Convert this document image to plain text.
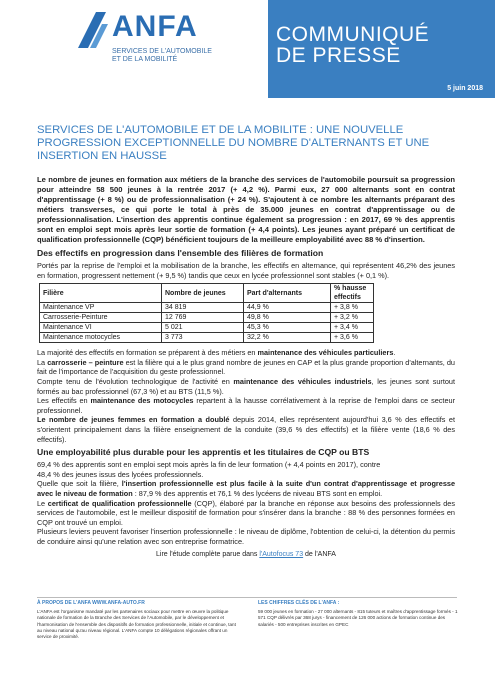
ANFA
SERVICES DE L'AUTOMOBILE
ET DE LA MOBILITÉ
COMMUNIQUÉ
DE PRESSE
5 juin 2018
SERVICES DE L'AUTOMOBILE ET DE LA MOBILITE : UNE NOUVELLE PROGRESSION EXCEPTIONNELLE DU NOMBRE D'ALTERNANTS ET UNE INSERTION EN HAUSSE

Le nombre de jeunes en formation aux métiers de la branche des services de l'automobile poursuit sa progression pour atteindre 58 500 jeunes à la rentrée 2017 (+ 4,2 %). Parmi eux, 27 000 alternants sont en contrat d'apprentissage (+ 8 %) ou de professionnalisation (+ 24 %). S'ajoutent à ce nombre les alternants préparant des métiers transverses, ce qui porte le total à près de 35.000 jeunes en contrat d'apprentissage ou de professionnalisation. L'insertion des apprentis continue également sa progression : en 2017, 69 % des apprentis sont en emploi sept mois après leur sortie de formation (+ 4,4 points). Les jeunes ayant préparé un certificat de qualification professionnelle (CQP) bénéficient toujours de la meilleure employabilité avec 88 % d'insertion.

Des effectifs en progression dans l'ensemble des filières de formation

Portés par la reprise de l'emploi et la mobilisation de la branche, les effectifs en alternance, qui représentent 46,2% des jeunes en formation, progressent nettement (+ 9,5 %) tandis que ceux en lycée professionnel sont stables (+ 0,1 %).

Filière	Nombre de jeunes	Part d'alternants	% hausse effectifs
Maintenance VP	34 819	44,9 %	+ 3,8 %
Carrosserie-Peinture	12 769	49,8 %	+ 3,2 %
Maintenance VI	5 021	45,3 %	+ 3,4 %
Maintenance motocycles	3 773	32,2 %	+ 3,6 %

La majorité des effectifs en formation se préparent à des métiers en maintenance des véhicules particuliers.

La carrosserie – peinture est la filière qui a le plus grand nombre de jeunes en CAP et la plus grande proportion d'alternants, du fait de l'importance de l'acquisition du geste professionnel.

Compte tenu de l'évolution technologique de l'activité en maintenance des véhicules industriels, les jeunes sont surtout formés au bac professionnel (67,3 %) et au BTS (11,5 %).

Les effectifs en maintenance des motocycles repartent à la hausse corrélativement à la reprise de l'emploi dans ce secteur professionnel.

Le nombre de jeunes femmes en formation a doublé depuis 2014, elles représentent aujourd'hui 3,6 % des effectifs et s'orientent principalement dans la filière enseignement de la conduite (39,6 % des effectifs) et la filière vente (18,6 % des effectifs).

Une employabilité plus durable pour les apprentis et les titulaires de CQP ou BTS

69,4 % des apprentis sont en emploi sept mois après la fin de leur formation (+ 4,4 points en 2017), contre

48,4 % des jeunes issus des lycées professionnels.

Quelle que soit la filière, l'insertion professionnelle est plus facile à la suite d'un contrat d'apprentissage et progresse avec le niveau de formation : 87,9 % des apprentis et 76,1 % des lycéens de niveau BTS sont en emploi.

Le certificat de qualification professionnelle (CQP), élaboré par la branche en réponse aux besoins des professionnels des services de l'automobile, est le meilleur dispositif de formation pour s'insérer dans la branche : 88 % des personnes formées en CQP ont trouvé un emploi.

Plusieurs leviers peuvent favoriser l'insertion professionnelle : le niveau de diplôme, l'obtention de celui-ci, la détention du permis de conduire ainsi qu'une relation avec son entreprise formatrice.

Lire l'étude complète parue dans l'Autofocus 73 de l'ANFA
À PROPOS DE L'ANFA WWW.ANFA-AUTO.FR
L'ANFA est l'organisme mandaté par les partenaires sociaux pour mettre en œuvre la politique nationale de formation de la Branche des Services de l'Automobile, par le développement et l'harmonisation de l'ensemble des dispositifs de formation professionnelle, initiale et continue, tant au niveau national qu'au niveau régional. L'ANFA compte 10 délégations régionales offrant un service de proximité.
LES CHIFFRES CLÉS DE L'ANFA :
59 000 jeunes en formation - 27 000 alternants - 815 tuteurs et maîtres d'apprentissage formés - 1 571 CQP délivrés par 368 jurys - financement de 126 000 actions de formation continue des salariés - 500 entreprises inscrites en GPEC
